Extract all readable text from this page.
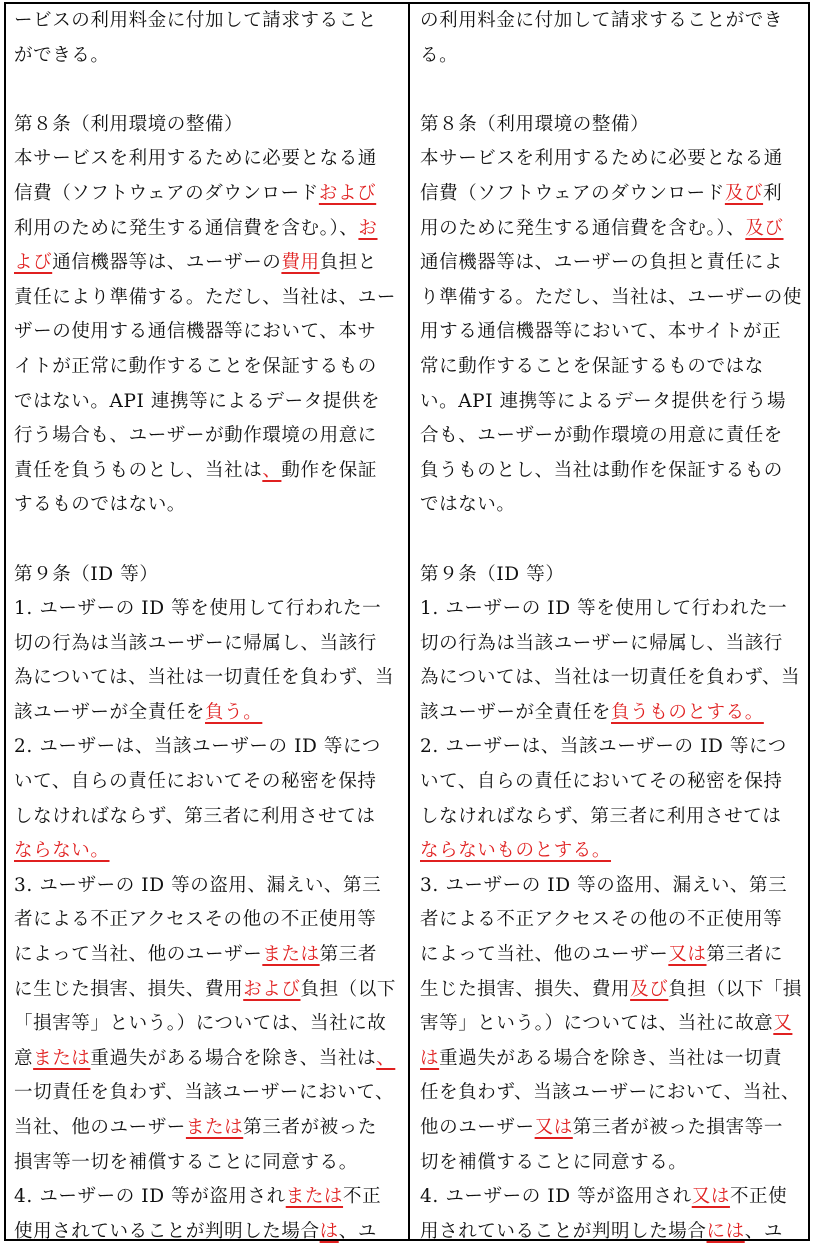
ービスの利用料金に付加して請求すること
ができる。
第８条（利用環境の整備）
本サービスを利用するために必要となる通
信費（ソフトウェアのダウンロードおよび
利用のために発生する通信費を含む。）、お
よび通信機器等は、ユーザーの費用負担と
責任により準備する。ただし、当社は、ユー
ザーの使用する通信機器等において、本サ
イトが正常に動作することを保証するもの
ではない。API 連携等によるデータ提供を
行う場合も、ユーザーが動作環境の用意に
責任を負うものとし、当社は、動作を保証
するものではない。
第９条（ID 等）
1. ユーザーの ID 等を使用して行われた一
切の行為は当該ユーザーに帰属し、当該行
為については、当社は一切責任を負わず、当
該ユーザーが全責任を負う。
2. ユーザーは、当該ユーザーの ID 等につ
いて、自らの責任においてその秘密を保持
しなければならず、第三者に利用させては
ならない。
3. ユーザーの ID 等の盗用、漏えい、第三
者による不正アクセスその他の不正使用等
によって当社、他のユーザーまたは第三者
に生じた損害、損失、費用および負担（以下
「損害等」という。）については、当社に故
意または重過失がある場合を除き、当社は、
一切責任を負わず、当該ユーザーにおいて、
当社、他のユーザーまたは第三者が被った
損害等一切を補償することに同意する。
4. ユーザーの ID 等が盗用されまたは不正
使用されていることが判明した場合は、ユ
の利用料金に付加して請求することができ
る。
第８条（利用環境の整備）
本サービスを利用するために必要となる通
信費（ソフトウェアのダウンロード及び利
用のために発生する通信費を含む。）、及び
通信機器等は、ユーザーの負担と責任によ
り準備する。ただし、当社は、ユーザーの使
用する通信機器等において、本サイトが正
常に動作することを保証するものではな
い。API 連携等によるデータ提供を行う場
合も、ユーザーが動作環境の用意に責任を
負うものとし、当社は動作を保証するもの
ではない。
第９条（ID 等）
1. ユーザーの ID 等を使用して行われた一
切の行為は当該ユーザーに帰属し、当該行
為については、当社は一切責任を負わず、当
該ユーザーが全責任を負うものとする。
2. ユーザーは、当該ユーザーの ID 等につ
いて、自らの責任においてその秘密を保持
しなければならず、第三者に利用させては
ならないものとする。
3. ユーザーの ID 等の盗用、漏えい、第三
者による不正アクセスその他の不正使用等
によって当社、他のユーザー又は第三者に
生じた損害、損失、費用及び負担（以下「損
害等」という。）については、当社に故意又
は重過失がある場合を除き、当社は一切責
任を負わず、当該ユーザーにおいて、当社、
他のユーザー又は第三者が被った損害等一
切を補償することに同意する。
4. ユーザーの ID 等が盗用され又は不正使
用されていることが判明した場合には、ユ
